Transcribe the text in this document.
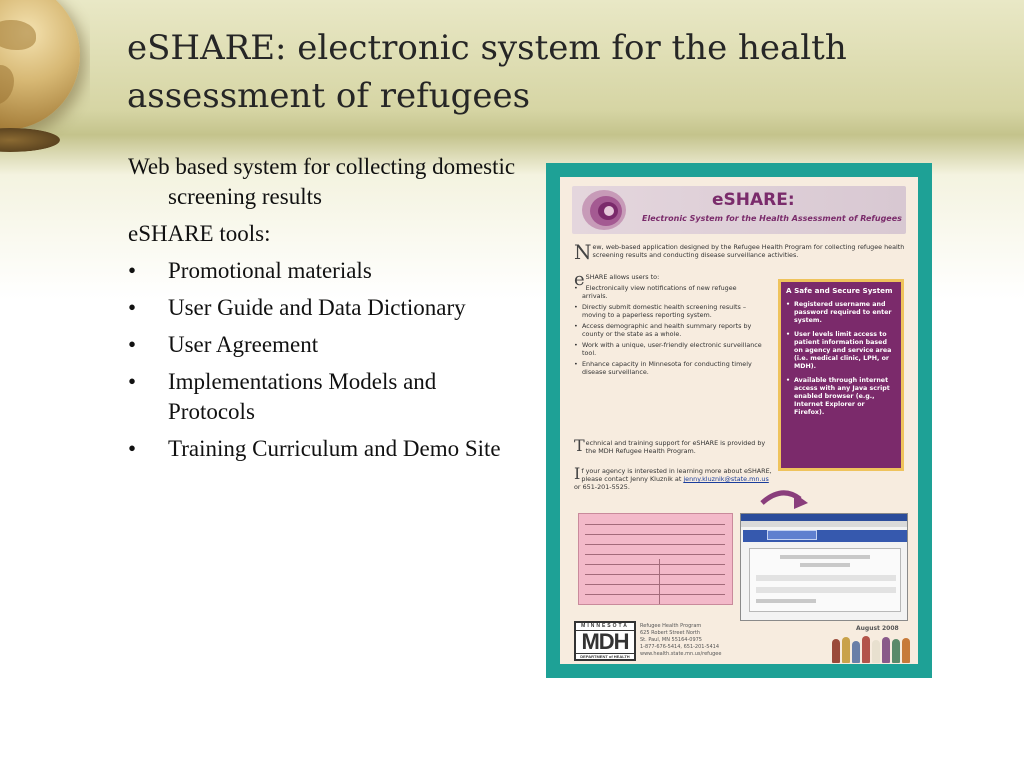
eSHARE: electronic system for the health assessment of refugees
Web based system for collecting domestic screening results
eSHARE tools:
•	Promotional materials
•	User Guide and Data Dictionary
•	User Agreement
•	Implementations Models and Protocols
•	Training Curriculum and Demo Site
eSHARE:
Electronic System for the Health Assessment of Refugees
New, web-based application designed by the Refugee Health Program for collecting refugee health screening results and conducting disease surveillance activities.
eSHARE allows users to:
• Electronically view notifications of new refugee arrivals.
• Directly submit domestic health screening results – moving to a paperless reporting system.
• Access demographic and health summary reports by county or the state as a whole.
• Work with a unique, user-friendly electronic surveillance tool.
• Enhance capacity in Minnesota for conducting timely disease surveillance.
A Safe and Secure System
• Registered username and password required to enter system.
• User levels limit access to patient information based on agency and service area (i.e. medical clinic, LPH, or MDH).
• Available through internet access with any Java script enabled browser (e.g., Internet Explorer or Firefox).
Technical and training support for eSHARE is provided by the MDH Refugee Health Program.
If your agency is interested in learning more about eSHARE, please contact Jenny Kluznik at jenny.kluznik@state.mn.us or 651-201-5525.
MINNESOTA
MDH
DEPARTMENT of HEALTH
Refugee Health Program
625 Robert Street North
St. Paul, MN 55164-0975
1-877-676-5414, 651-201-5414
www.health.state.mn.us/refugee
August 2008
